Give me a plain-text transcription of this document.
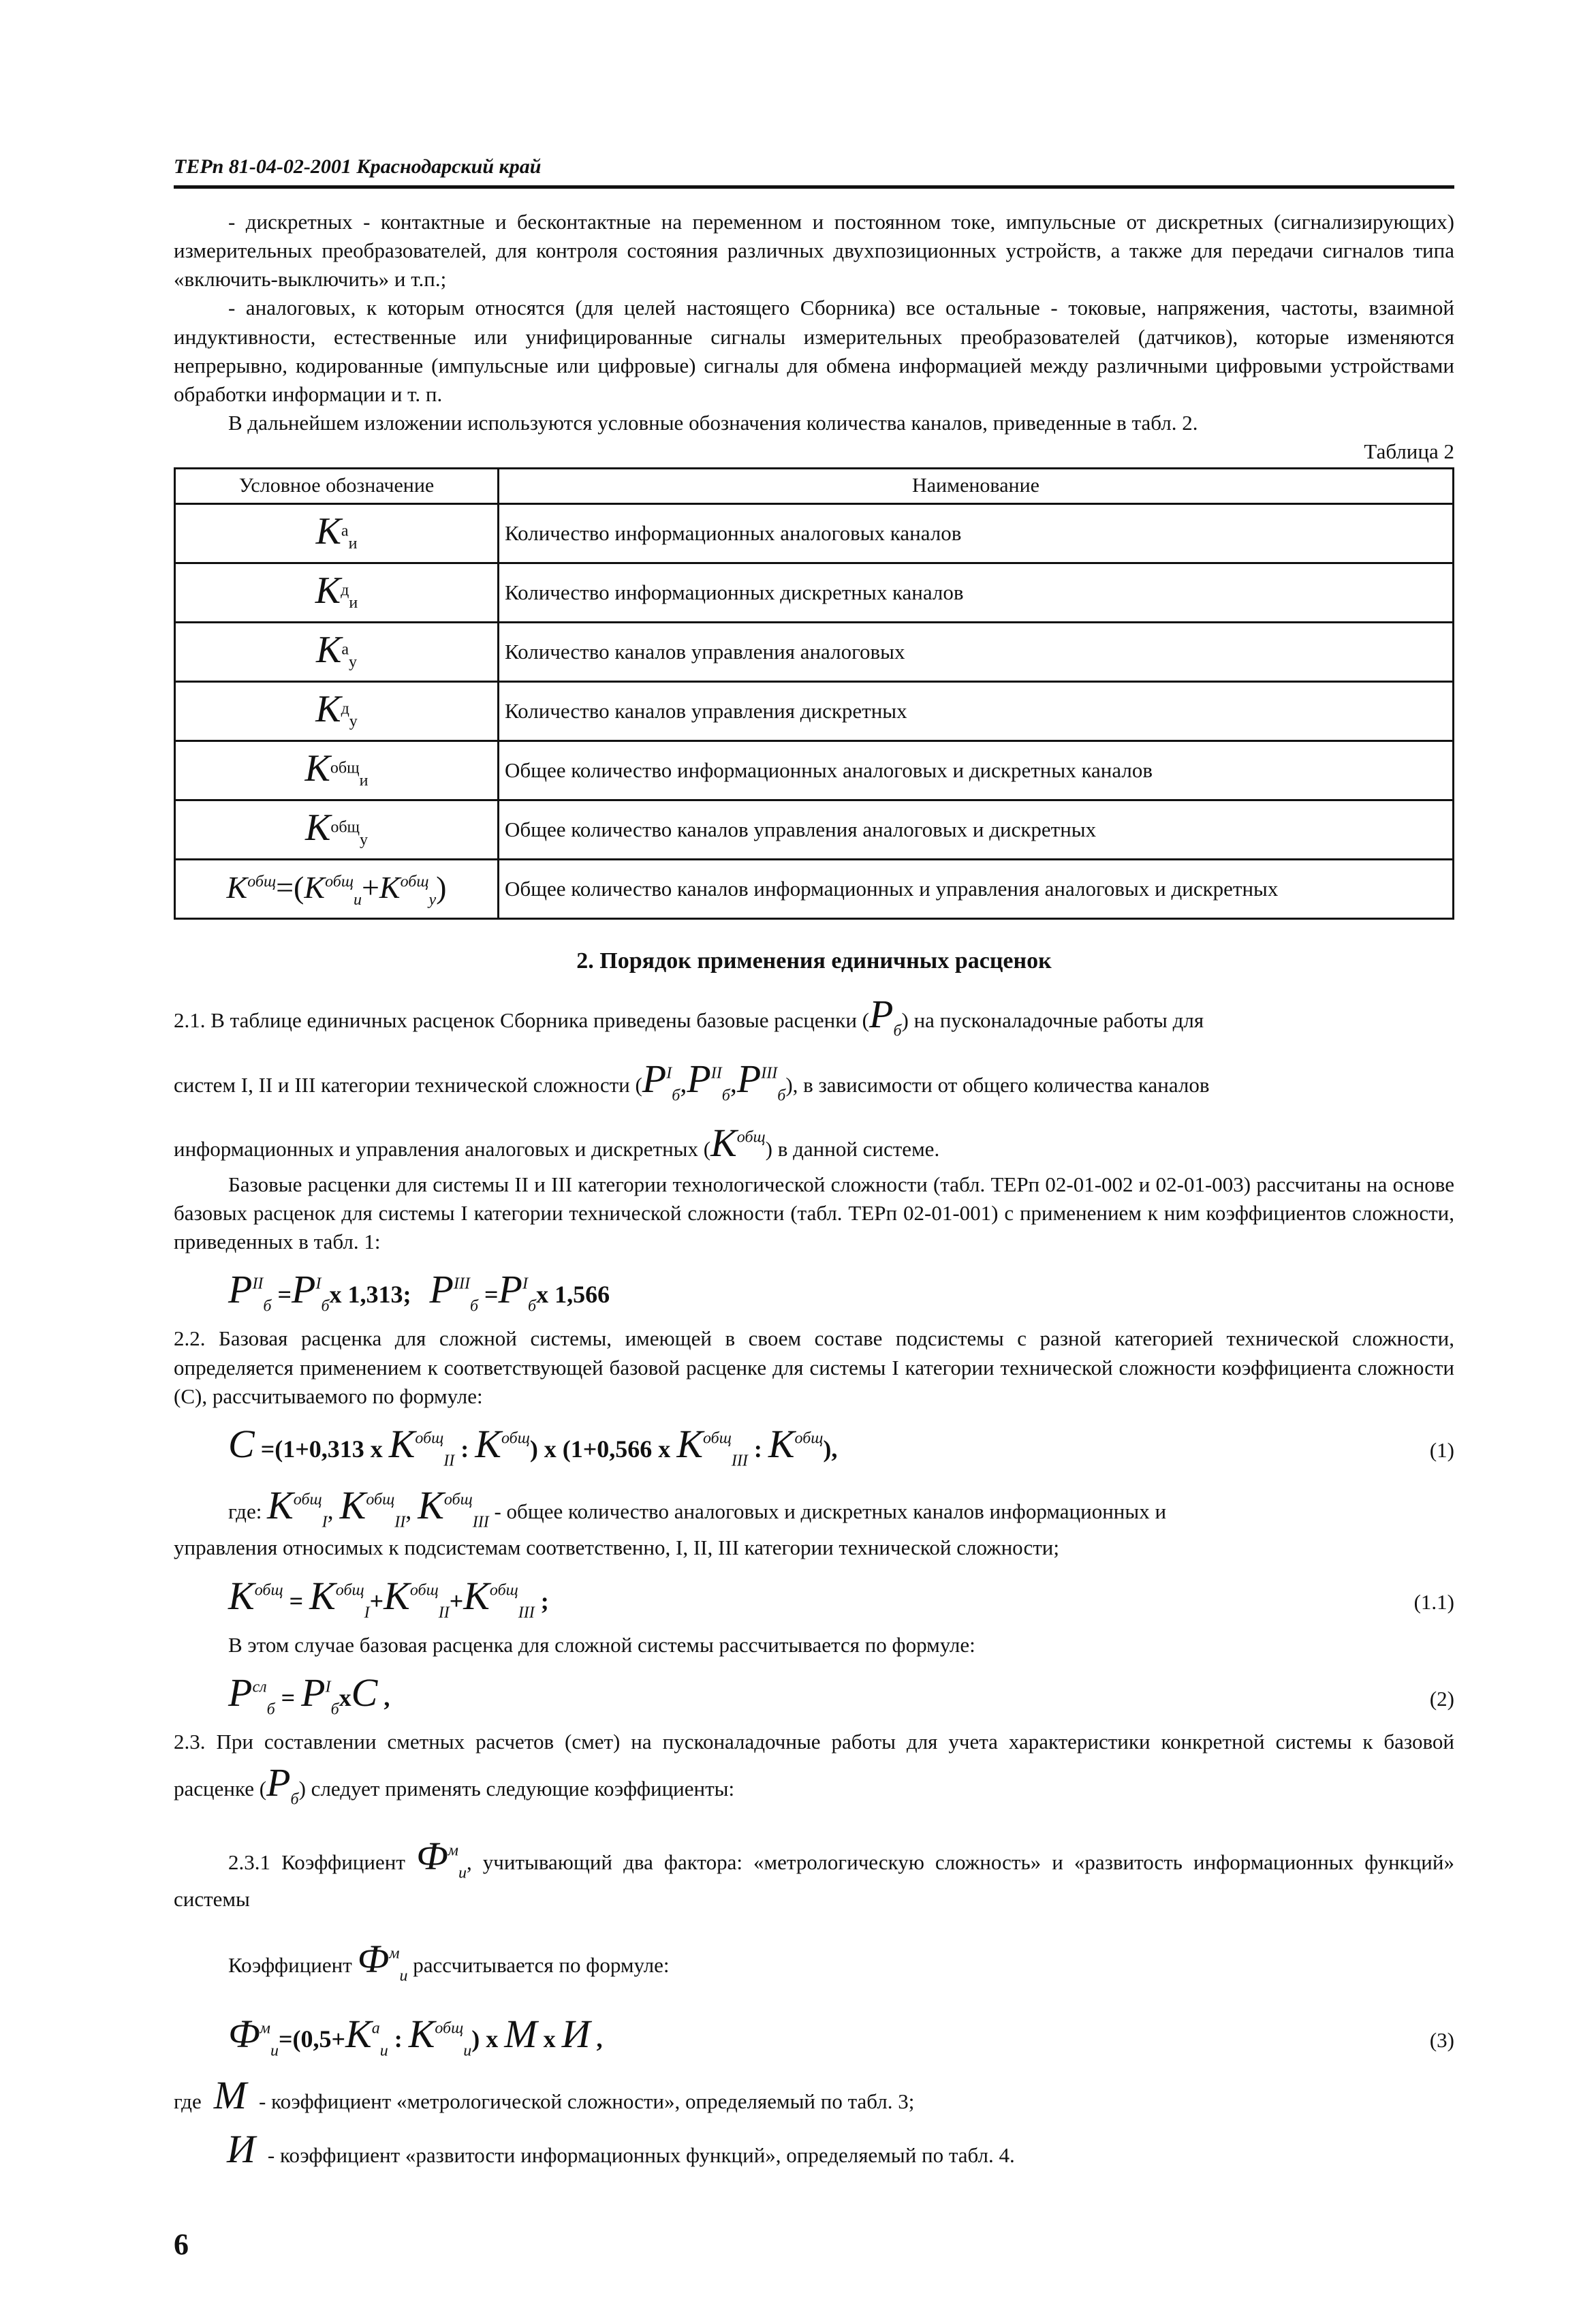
ТЕРп 81-04-02-2001 Краснодарский край

- дискретных - контактные и бесконтактные на переменном и постоянном токе, импульсные от дискретных (сигнализирующих) измерительных преобразователей, для контроля состояния различных двухпозиционных устройств, а также для передачи сигналов типа «включить-выключить» и т.п.;

- аналоговых, к которым относятся (для целей настоящего Сборника) все остальные - токовые, напряжения, частоты, взаимной индуктивности, естественные или унифицированные сигналы измерительных преобразователей (датчиков), которые изменяются непрерывно, кодированные (импульсные или цифровые) сигналы для обмена информацией между различными цифровыми устройствами обработки информации и т. п.

В дальнейшем изложении используются условные обозначения количества каналов, приведенные в табл. 2.

Таблица 2

Условное обозначение	Наименование
$K^а_и$	Количество информационных аналоговых каналов
$K^д_и$	Количество информационных дискретных каналов
$K^а_у$	Количество каналов управления аналоговых
$K^д_у$	Количество каналов управления дискретных
$K^{общ}_и$	Общее количество информационных аналоговых и дискретных каналов
$K^{общ}_у$	Общее количество каналов управления аналоговых и дискретных
$K^{общ}=(K^{общ}_и+K^{общ}_у)$	Общее количество каналов информационных и управления аналоговых и дискретных
2. Порядок применения единичных расценок

2.1. В таблице единичных расценок Сборника приведены базовые расценки $(P_б)$ на пусконаладочные работы для

систем I, II и III категории технической сложности $(P^I_б,P^{II}_б,P^{III}_б)$, в зависимости от общего количества каналов

информационных и управления аналоговых и дискретных $(K^{общ})$ в данной системе.

Базовые расценки для системы II и III категории технологической сложности (табл. ТЕРп 02-01-002 и 02-01-003) рассчитаны на основе базовых расценок для системы I категории технической сложности (табл. ТЕРп 02-01-001) с применением к ним коэффициентов сложности, приведенных в табл. 1:

$P^{II}_б = P^I_б$ x 1,313; $P^{III}_б = P^I_б$ x 1,566

2.2. Базовая расценка для сложной системы, имеющей в своем составе подсистемы с разной категорией технической сложности, определяется применением к соответствующей базовой расценке для системы I категории технической сложности коэффициента сложности (С), рассчитываемого по формуле:

C =(1+0,313 x $K^{общ}_{II}$ : $K^{общ}$) x (1+0,566 x $K^{общ}_{III}$ : $K^{общ}$),	(1)

где: $K^{общ}_I$, $K^{общ}_{II}$, $K^{общ}_{III}$ - общее количество аналоговых и дискретных каналов информационных и

управления относимых к подсистемам соответственно, I, II, III категории технической сложности;

$K^{общ} = K^{общ}_I+K^{общ}_{II}+K^{общ}_{III}$ ;	(1.1)

В этом случае базовая расценка для сложной системы рассчитывается по формуле:

$P^{сл}_б = P^I_бxC$ ,	(2)

2.3. При составлении сметных расчетов (смет) на пусконаладочные работы для учета характеристики конкретной системы к базовой расценке $(P_б)$ следует применять следующие коэффициенты:

2.3.1 Коэффициент $Ф^м_и$, учитывающий два фактора: «метрологическую сложность» и «развитость информационных функций» системы

Коэффициент $Ф^м_и$ рассчитывается по формуле:

$Ф^м_и=(0,5+K^а_и$ : $K^{общ}_и$) x M x И ,	(3)
где M - коэффициент «метрологической сложности», определяемый по табл. 3;
И - коэффициент «развитости информационных функций», определяемый по табл. 4.
6
